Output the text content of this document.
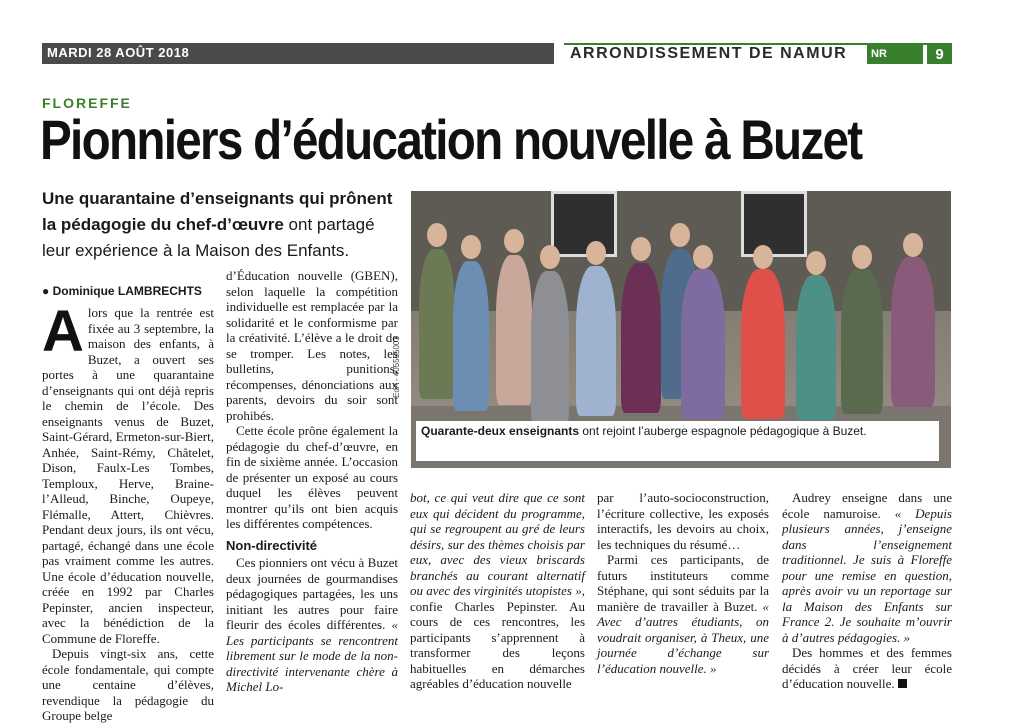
MARDI 28 AOÛT 2018	ARRONDISSEMENT DE NAMUR	NR	9
FLOREFFE
Pionniers d’éducation nouvelle à Buzet
Une quarantaine d’enseignants qui prônent la pédagogie du chef-d’œuvre ont partagé leur expérience à la Maison des Enfants.
EdA - 405555003
Quarante-deux enseignants ont rejoint l’auberge espagnole pédagogique à Buzet.
● Dominique LAMBRECHTS

Alors que la rentrée est fixée au 3 septembre, la maison des enfants, à Buzet, a ouvert ses portes à une quarantaine d’enseignants qui ont déjà repris le chemin de l’école. Des enseignants venus de Buzet, Saint-Gérard, Ermeton-sur-Biert, Anhée, Saint-Rémy, Châtelet, Dison, Faulx-Les Tombes, Temploux, Herve, Braine-l’Alleud, Binche, Oupeye, Flémalle, Attert, Chièvres. Pendant deux jours, ils ont vécu, partagé, échangé dans une école pas vraiment comme les autres. Une école d’éducation nouvelle, créée en 1992 par Charles Pepinster, ancien inspecteur, avec la bénédiction de la Commune de Floreffe.

Depuis vingt-six ans, cette école fondamentale, qui compte une centaine d’élèves, revendique la pédagogie du Groupe belge

d’Éducation nouvelle (GBEN), selon laquelle la compétition individuelle est remplacée par la solidarité et le conformisme par la créativité. L’élève a le droit de se tromper. Les notes, les bulletins, punitions, récompenses, dénonciations aux parents, devoirs du soir sont prohibés.

Cette école prône également la pédagogie du chef-d’œuvre, en fin de sixième année. L’occasion de présenter un exposé au cours duquel les élèves peuvent montrer qu’ils ont bien acquis les différentes compétences.

Non-directivité

Ces pionniers ont vécu à Buzet deux journées de gourmandises pédagogiques partagées, les uns initiant les autres pour faire fleurir des écoles différentes. « Les participants se rencontrent librement sur le mode de la non-directivité intervenante chère à Michel Lo-

bot, ce qui veut dire que ce sont eux qui décident du programme, qui se regroupent au gré de leurs désirs, sur des thèmes choisis par eux, avec des vieux briscards branchés au courant alternatif ou avec des virginités utopistes », confie Charles Pepinster. Au cours de ces rencontres, les participants s’apprennent à transformer des leçons habituelles en démarches agréables d’éducation nouvelle

par l’auto-socioconstruction, l’écriture collective, les exposés interactifs, les devoirs au choix, les techniques du résumé…

Parmi ces participants, de futurs instituteurs comme Stéphane, qui sont séduits par la manière de travailler à Buzet. « Avec d’autres étudiants, on voudrait organiser, à Theux, une journée d’échange sur l’éducation nouvelle. »

Audrey enseigne dans une école namuroise. « Depuis plusieurs années, j’enseigne dans l’enseignement traditionnel. Je suis à Floreffe pour une remise en question, après avoir vu un reportage sur la Maison des Enfants sur France 2. Je souhaite m’ouvrir à d’autres pédagogies. »

Des hommes et des femmes décidés à créer leur école d’éducation nouvelle.
